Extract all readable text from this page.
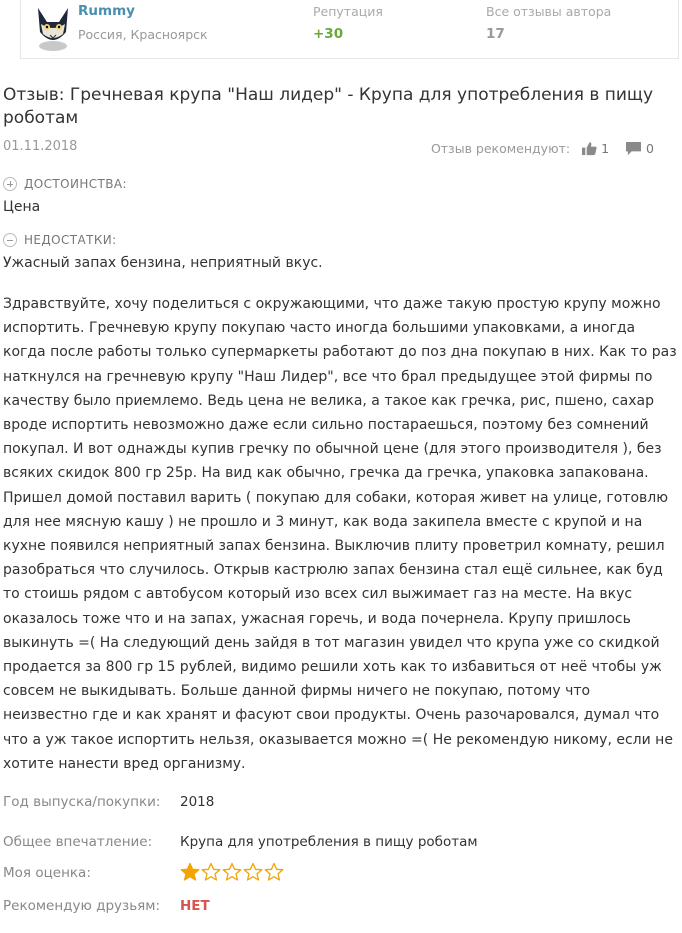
Rummy
Россия, Красноярск
Репутация
+30
Все отзывы автора
17
Отзыв: Гречневая крупа "Наш лидер" - Крупа для употребления в пищу роботам
01.11.2018	Отзыв рекомендуют: 1	0
ДОСТОИНСТВА:
Цена
НЕДОСТАТКИ:
Ужасный запах бензина, неприятный вкус.
Здравствуйте, хочу поделиться с окружающими, что даже такую простую крупу можно испортить. Гречневую крупу покупаю часто иногда большими упаковками, а иногда когда после работы только супермаркеты работают до поз дна покупаю в них. Как то раз наткнулся на гречневую крупу "Наш Лидер", все что брал предыдущее этой фирмы по качеству было приемлемо. Ведь цена не велика, а такое как гречка, рис, пшено, сахар вроде испортить невозможно даже если сильно постараешься, поэтому без сомнений покупал. И вот однажды купив гречку по обычной цене (для этого производителя ), без всяких скидок 800 гр 25р. На вид как обычно, гречка да гречка, упаковка запакована. Пришел домой поставил варить ( покупаю для собаки, которая живет на улице, готовлю для нее мясную кашу ) не прошло и 3 минут, как вода закипела вместе с крупой и на кухне появился неприятный запах бензина. Выключив плиту проветрил комнату, решил разобраться что случилось. Открыв кастрюлю запах бензина стал ещё сильнее, как буд то стоишь рядом с автобусом который изо всех сил выжимает газ на месте. На вкус оказалось тоже что и на запах, ужасная горечь, и вода почернела. Крупу пришлось выкинуть =( На следующий день зайдя в тот магазин увидел что крупа уже со скидкой продается за 800 гр 15 рублей, видимо решили хоть как то избавиться от неё чтобы уж совсем не выкидывать. Больше данной фирмы ничего не покупаю, потому что неизвестно где и как хранят и фасуют свои продукты. Очень разочаровался, думал что что а уж такое испортить нельзя, оказывается можно =( Не рекомендую никому, если не хотите нанести вред организму.
Год выпуска/покупки: 2018
Общее впечатление: Крупа для употребления в пищу роботам
Моя оценка:
Рекомендую друзьям: НЕТ
